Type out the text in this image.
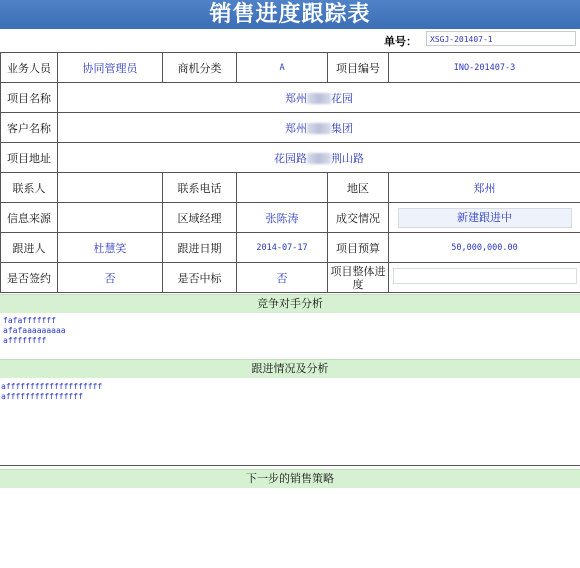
销售进度跟踪表
单号：	XSGJ-201407-1
业务人员	协同管理员	商机分类	A	项目编号	INO-201407-3
项目名称	郑州 花园				
客户名称	郑州 集团				
项目地址	花园路 荆山路				
联系人		联系电话		地区	郑州
信息来源		区域经理	张陈涛	成交情况	新建跟进中
跟进人	杜慧笑	跟进日期	2014-07-17	项目预算	50,000,000.00
是否签约	否	是否中标	否	项目整体进度	
竞争对手分析
fafafffffff
afafaaaaaaaaa
affffffff
跟进情况及分析
affffffffffffffffffff
affffffffffffffff
下一步的销售策略
